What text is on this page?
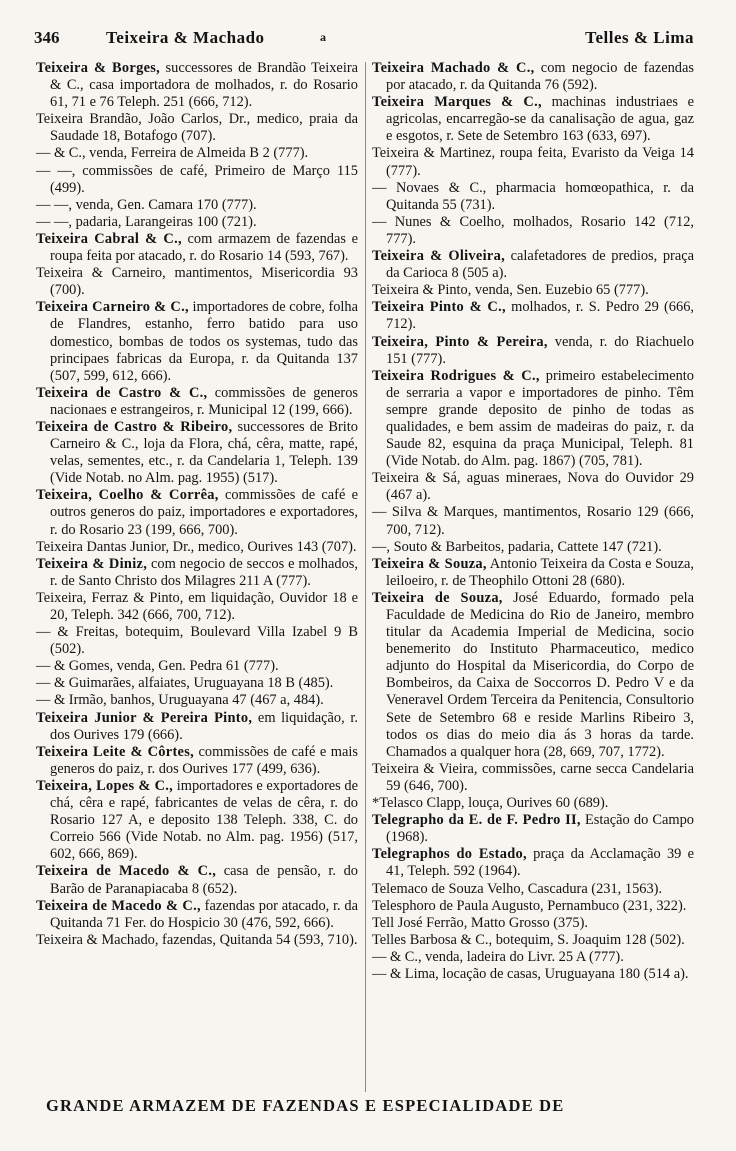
346	Teixeira & Machado	a	Telles & Lima

Teixeira & Borges, successores de Brandão Teixeira & C., casa importadora de molhados, r. do Rosario 61, 71 e 76 Teleph. 251 (666, 712).

Teixeira Brandão, João Carlos, Dr., medico, praia da Saudade 18, Botafogo (707).

— & C., venda, Ferreira de Almeida B 2 (777).

— —, commissões de café, Primeiro de Março 115 (499).

— —, venda, Gen. Camara 170 (777).

— —, padaria, Larangeiras 100 (721).

Teixeira Cabral & C., com armazem de fazendas e roupa feita por atacado, r. do Rosario 14 (593, 767).

Teixeira & Carneiro, mantimentos, Misericordia 93 (700).

Teixeira Carneiro & C., importadores de cobre, folha de Flandres, estanho, ferro batido para uso domestico, bombas de todos os systemas, tudo das principaes fabricas da Europa, r. da Quitanda 137 (507, 599, 612, 666).

Teixeira de Castro & C., commissões de generos nacionaes e estrangeiros, r. Municipal 12 (199, 666).

Teixeira de Castro & Ribeiro, successores de Brito Carneiro & C., loja da Flora, chá, cêra, matte, rapé, velas, sementes, etc., r. da Candelaria 1, Teleph. 139 (Vide Notab. no Alm. pag. 1955) (517).

Teixeira, Coelho & Corrêa, commissões de café e outros generos do paiz, importadores e exportadores, r. do Rosario 23 (199, 666, 700).

Teixeira Dantas Junior, Dr., medico, Ourives 143 (707).

Teixeira & Diniz, com negocio de seccos e molhados, r. de Santo Christo dos Milagres 211 A (777).

Teixeira, Ferraz & Pinto, em liquidação, Ouvidor 18 e 20, Teleph. 342 (666, 700, 712).

— & Freitas, botequim, Boulevard Villa Izabel 9 B (502).

— & Gomes, venda, Gen. Pedra 61 (777).

— & Guimarães, alfaiates, Uruguayana 18 B (485).

— & Irmão, banhos, Uruguayana 47 (467 a, 484).

Teixeira Junior & Pereira Pinto, em liquidação, r. dos Ourives 179 (666).

Teixeira Leite & Côrtes, commissões de café e mais generos do paiz, r. dos Ourives 177 (499, 636).

Teixeira, Lopes & C., importadores e exportadores de chá, cêra e rapé, fabricantes de velas de cêra, r. do Rosario 127 A, e deposito 138 Teleph. 338, C. do Correio 566 (Vide Notab. no Alm. pag. 1956) (517, 602, 666, 869).

Teixeira de Macedo & C., casa de pensão, r. do Barão de Paranapiacaba 8 (652).

Teixeira de Macedo & C., fazendas por atacado, r. da Quitanda 71 Fer. do Hospicio 30 (476, 592, 666).

Teixeira & Machado, fazendas, Quitanda 54 (593, 710).

Teixeira Machado & C., com negocio de fazendas por atacado, r. da Quitanda 76 (592).

Teixeira Marques & C., machinas industriaes e agricolas, encarregão-se da canalisação de agua, gaz e esgotos, r. Sete de Setembro 163 (633, 697).

Teixeira & Martinez, roupa feita, Evaristo da Veiga 14 (777).

— Novaes & C., pharmacia homœopathica, r. da Quitanda 55 (731).

— Nunes & Coelho, molhados, Rosario 142 (712, 777).

Teixeira & Oliveira, calafetadores de predios, praça da Carioca 8 (505 a).

Teixeira & Pinto, venda, Sen. Euzebio 65 (777).

Teixeira Pinto & C., molhados, r. S. Pedro 29 (666, 712).

Teixeira, Pinto & Pereira, venda, r. do Riachuelo 151 (777).

Teixeira Rodrigues & C., primeiro estabelecimento de serraria a vapor e importadores de pinho. Têm sempre grande deposito de pinho de todas as qualidades, e bem assim de madeiras do paiz, r. da Saude 82, esquina da praça Municipal, Teleph. 81 (Vide Notab. do Alm. pag. 1867) (705, 781).

Teixeira & Sá, aguas mineraes, Nova do Ouvidor 29 (467 a).

— Silva & Marques, mantimentos, Rosario 129 (666, 700, 712).

—, Souto & Barbeitos, padaria, Cattete 147 (721).

Teixeira & Souza, Antonio Teixeira da Costa e Souza, leiloeiro, r. de Theophilo Ottoni 28 (680).

Teixeira de Souza, José Eduardo, formado pela Faculdade de Medicina do Rio de Janeiro, membro titular da Academia Imperial de Medicina, socio benemerito do Instituto Pharmaceutico, medico adjunto do Hospital da Misericordia, do Corpo de Bombeiros, da Caixa de Soccorros D. Pedro V e da Veneravel Ordem Terceira da Penitencia, Consultorio Sete de Setembro 68 e reside Marlins Ribeiro 3, todos os dias do meio dia ás 3 horas da tarde. Chamados a qualquer hora (28, 669, 707, 1772).

Teixeira & Vieira, commissões, carne secca Candelaria 59 (646, 700).

*Telasco Clapp, louça, Ourives 60 (689).

Telegrapho da E. de F. Pedro II, Estação do Campo (1968).

Telegraphos do Estado, praça da Acclamação 39 e 41, Teleph. 592 (1964).

Telemaco de Souza Velho, Cascadura (231, 1563).

Telesphoro de Paula Augusto, Pernambuco (231, 322).

Tell José Ferrão, Matto Grosso (375).

Telles Barbosa & C., botequim, S. Joaquim 128 (502).

— & C., venda, ladeira do Livr. 25 A (777).

— & Lima, locação de casas, Uruguayana 180 (514 a).

GRANDE ARMAZEM DE FAZENDAS E ESPECIALIDADE DE
